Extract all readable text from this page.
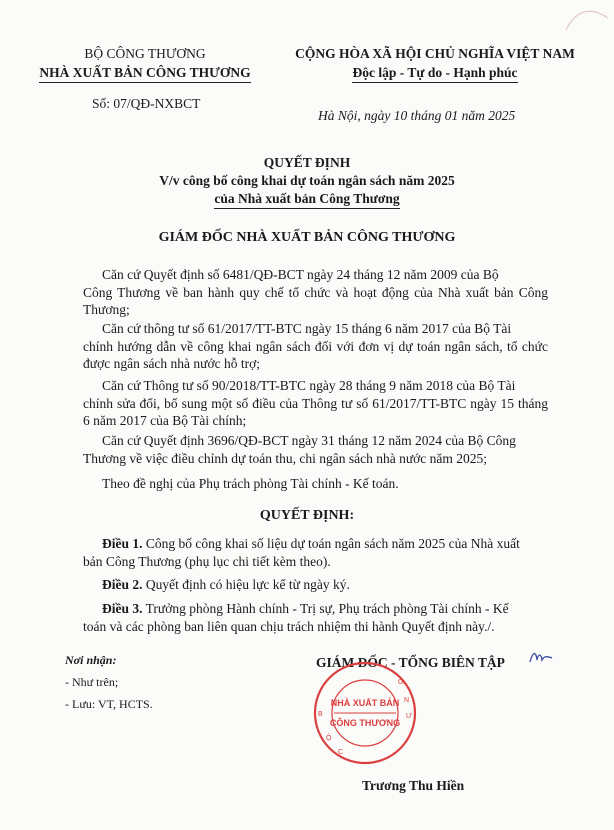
BỘ CÔNG THƯƠNG
NHÀ XUẤT BẢN CÔNG THƯƠNG
CỘNG HÒA XÃ HỘI CHỦ NGHĨA VIỆT NAM
Độc lập - Tự do - Hạnh phúc
Số: 07/QĐ-NXBCT
Hà Nội, ngày 10 tháng 01 năm 2025
QUYẾT ĐỊNH
V/v công bố công khai dự toán ngân sách năm 2025
của Nhà xuất bản Công Thương
GIÁM ĐỐC NHÀ XUẤT BẢN CÔNG THƯƠNG
Căn cứ Quyết định số 6481/QĐ-BCT ngày 24 tháng 12 năm 2009 của Bộ
Công Thương về ban hành quy chế tổ chức và hoạt động của Nhà xuất bản Công Thương;
Căn cứ thông tư số 61/2017/TT-BTC ngày 15 tháng 6 năm 2017 của Bộ Tài
chính hướng dẫn về công khai ngân sách đối với đơn vị dự toán ngân sách, tổ chức được ngân sách nhà nước hỗ trợ;
Căn cứ Thông tư số 90/2018/TT-BTC ngày 28 tháng 9 năm 2018 của Bộ Tài
chính sửa đổi, bổ sung một số điều của Thông tư số 61/2017/TT-BTC ngày 15 tháng 6 năm 2017 của Bộ Tài chính;
Căn cứ Quyết định 3696/QĐ-BCT ngày 31 tháng 12 năm 2024 của Bộ Công
Thương về việc điều chỉnh dự toán thu, chi ngân sách nhà nước năm 2025;
Theo đề nghị của Phụ trách phòng Tài chính - Kế toán.
QUYẾT ĐỊNH:
Điều 1. Công bố công khai số liệu dự toán ngân sách năm 2025 của Nhà xuất
bản Công Thương (phụ lục chi tiết kèm theo).
Điều 2. Quyết định có hiệu lực kể từ ngày ký.
Điều 3. Trưởng phòng Hành chính - Trị sự, Phụ trách phòng Tài chính - Kế
toán và các phòng ban liên quan chịu trách nhiệm thi hành Quyết định này./.
Nơi nhận:
- Như trên;
- Lưu: VT, HCTS.
GIÁM ĐỐC - TỔNG BIÊN TẬP
NHÀ XUẤT BẢN
CÔNG THƯƠNG
G
N
Ư
B
Ộ
C
Trương Thu Hiền
